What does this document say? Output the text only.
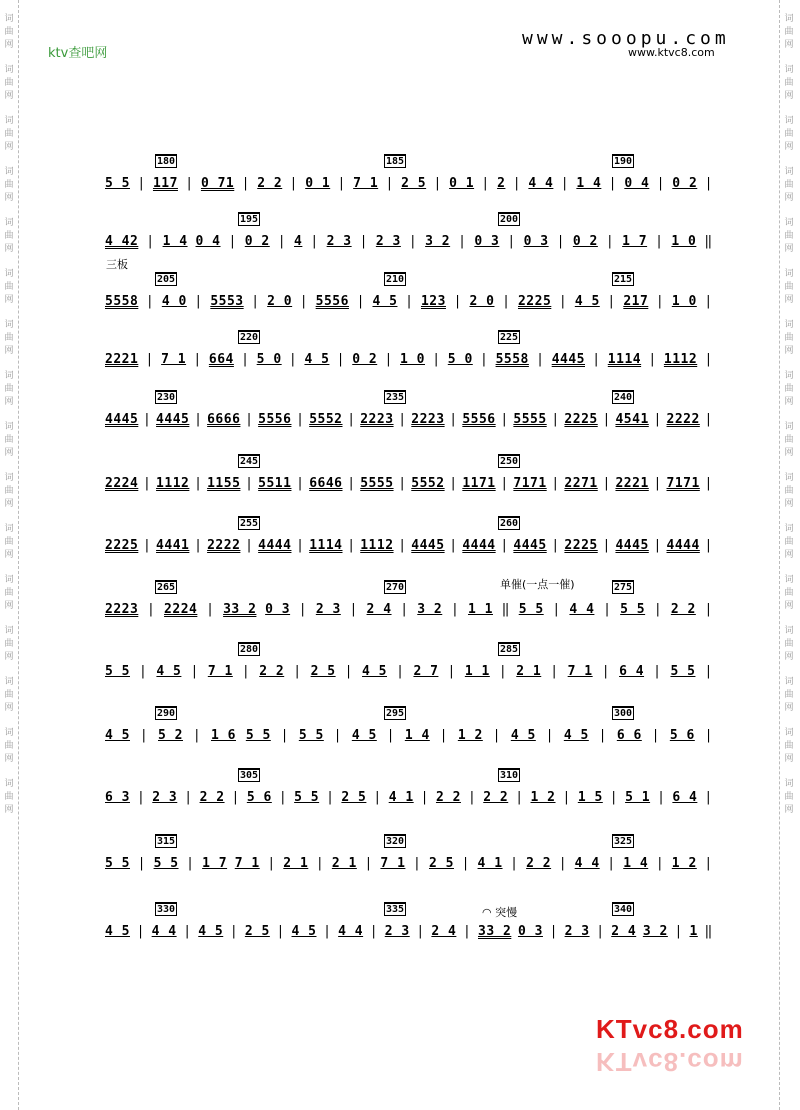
词
曲
网
词
曲
网
词
曲
网
词
曲
网
词
曲
网
词
曲
网
词
曲
网
词
曲
网
词
曲
网
词
曲
网
词
曲
网
词
曲
网
词
曲
网
词
曲
网
词
曲
网
词
曲
网
词
曲
网
词
曲
网
词
曲
网
词
曲
网
词
曲
网
词
曲
网
词
曲
网
词
曲
网
词
曲
网
词
曲
网
词
曲
网
词
曲
网
词
曲
网
词
曲
网
词
曲
网
词
曲
网
ktv查吧网
www.sooopu.com
www.ktvc8.com
5 5 | 117 | 0 71 | 2 2 | 0 1 | 7 1 | 2 5 | 0 1 | 2 | 4 4 | 1 4 | 0 4 | 0 2 |
180	185	190
4 42 | 1 4 0 4 | 0 2 | 4 | 2 3 | 2 3 | 3 2 | 0 3 | 0 3 | 0 2 | 1 7 | 1 0 ‖
195	200
5558 | 4 0 | 5553 | 2 0 | 5556 | 4 5 | 123 | 2 0 | 2225 | 4 5 | 217 | 1 0 |
205	210	215
2221 | 7 1 | 664 | 5 0 | 4 5 | 0 2 | 1 0 | 5 0 | 5558 | 4445 | 1114 | 1112 |
220	225
4445 | 4445 | 6666 | 5556 | 5552 | 2223 | 2223 | 5556 | 5555 | 2225 | 4541 | 2222 |
230	235	240
2224 | 1112 | 1155 | 5511 | 6646 | 5555 | 5552 | 1171 | 7171 | 2271 | 2221 | 7171 |
245	250
2225 | 4441 | 2222 | 4444 | 1114 | 1112 | 4445 | 4444 | 4445 | 2225 | 4445 | 4444 |
255	260
2223 | 2224 | 33 2 0 3 | 2 3 | 2 4 | 3 2 | 1 1 ‖ 5 5 | 4 4 | 5 5 | 2 2 |
265	270	275
5 5 | 4 5 | 7 1 | 2 2 | 2 5 | 4 5 | 2 7 | 1 1 | 2 1 | 7 1 | 6 4 | 5 5 |
280	285
4 5 | 5 2 | 1 6 5 5 | 5 5 | 4 5 | 1 4 | 1 2 | 4 5 | 4 5 | 6 6 | 5 6 |
290	295	300
6 3 | 2 3 | 2 2 | 5 6 | 5 5 | 2 5 | 4 1 | 2 2 | 2 2 | 1 2 | 1 5 | 5 1 | 6 4 |
305	310
5 5 | 5 5 | 1 7 7 1 | 2 1 | 2 1 | 7 1 | 2 5 | 4 1 | 2 2 | 4 4 | 1 4 | 1 2 |
315	320	325
4 5 | 4 4 | 4 5 | 2 5 | 4 5 | 4 4 | 2 3 | 2 4 | 33 2 0 3 | 2 3 | 2 4 3 2 | 1 ‖
330	335	340
三板
单催(一点一催)
◠ 突慢
KTvc8.com
KTvc8.com
